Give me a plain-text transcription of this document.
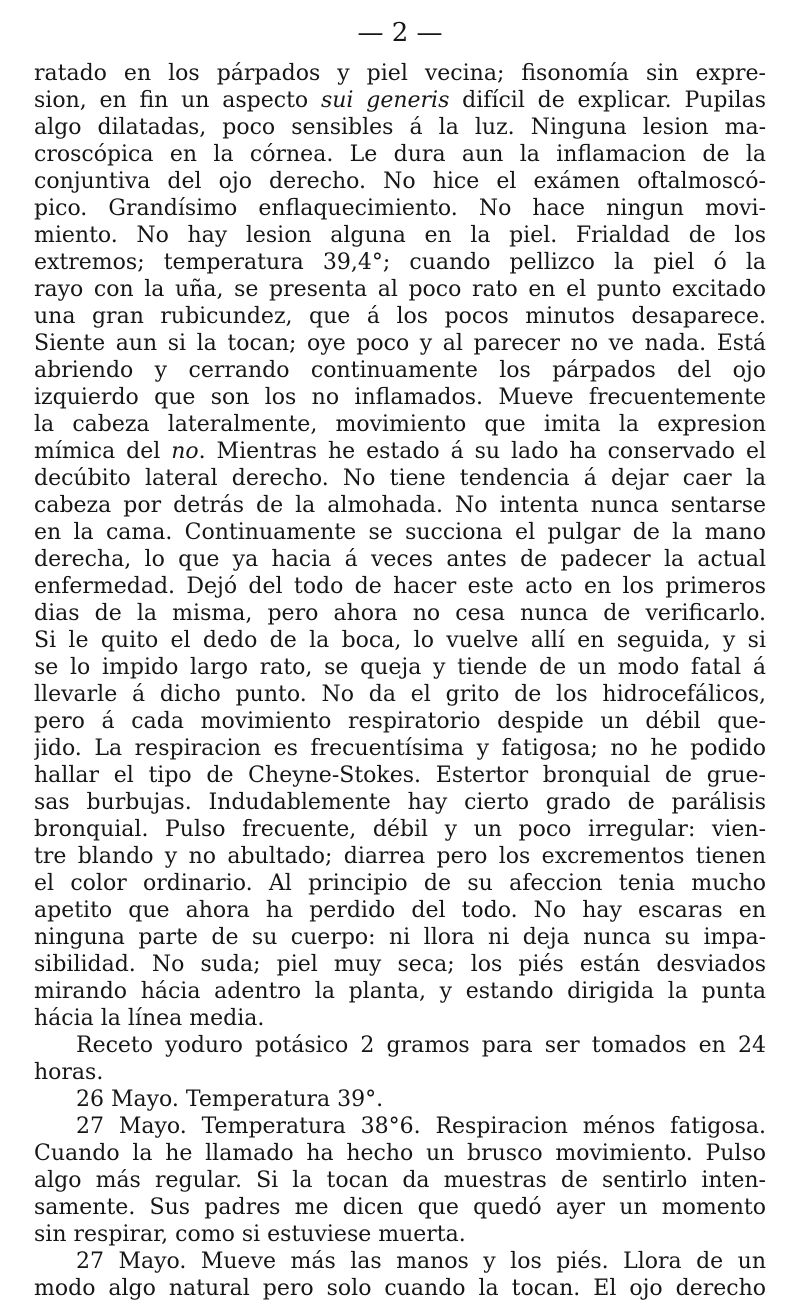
— 2 —
ratado en los párpados y piel vecina; fisonomía sin expre-
sion, en fin un aspecto sui generis difícil de explicar. Pupilas
algo dilatadas, poco sensibles á la luz. Ninguna lesion ma-
croscópica en la córnea. Le dura aun la inflamacion de la
conjuntiva del ojo derecho. No hice el exámen oftalmoscó-
pico. Grandísimo enflaquecimiento. No hace ningun movi-
miento. No hay lesion alguna en la piel. Frialdad de los
extremos; temperatura 39,4°; cuando pellizco la piel ó la
rayo con la uña, se presenta al poco rato en el punto excitado
una gran rubicundez, que á los pocos minutos desaparece.
Siente aun si la tocan; oye poco y al parecer no ve nada. Está
abriendo y cerrando continuamente los párpados del ojo
izquierdo que son los no inflamados. Mueve frecuentemente
la cabeza lateralmente, movimiento que imita la expresion
mímica del no. Mientras he estado á su lado ha conservado el
decúbito lateral derecho. No tiene tendencia á dejar caer la
cabeza por detrás de la almohada. No intenta nunca sentarse
en la cama. Continuamente se succiona el pulgar de la mano
derecha, lo que ya hacia á veces antes de padecer la actual
enfermedad. Dejó del todo de hacer este acto en los primeros
dias de la misma, pero ahora no cesa nunca de verificarlo.
Si le quito el dedo de la boca, lo vuelve allí en seguida, y si
se lo impido largo rato, se queja y tiende de un modo fatal á
llevarle á dicho punto. No da el grito de los hidrocefálicos,
pero á cada movimiento respiratorio despide un débil que-
jido. La respiracion es frecuentísima y fatigosa; no he podido
hallar el tipo de Cheyne-Stokes. Estertor bronquial de grue-
sas burbujas. Indudablemente hay cierto grado de parálisis
bronquial. Pulso frecuente, débil y un poco irregular: vien-
tre blando y no abultado; diarrea pero los excrementos tienen
el color ordinario. Al principio de su afeccion tenia mucho
apetito que ahora ha perdido del todo. No hay escaras en
ninguna parte de su cuerpo: ni llora ni deja nunca su impa-
sibilidad. No suda; piel muy seca; los piés están desviados
mirando hácia adentro la planta, y estando dirigida la punta
hácia la línea media.
Receto yoduro potásico 2 gramos para ser tomados en 24
horas.
26 Mayo. Temperatura 39°.
27 Mayo. Temperatura 38°6. Respiracion ménos fatigosa.
Cuando la he llamado ha hecho un brusco movimiento. Pulso
algo más regular. Si la tocan da muestras de sentirlo inten-
samente. Sus padres me dicen que quedó ayer un momento
sin respirar, como si estuviese muerta.
27 Mayo. Mueve más las manos y los piés. Llora de un
modo algo natural pero solo cuando la tocan. El ojo derecho
